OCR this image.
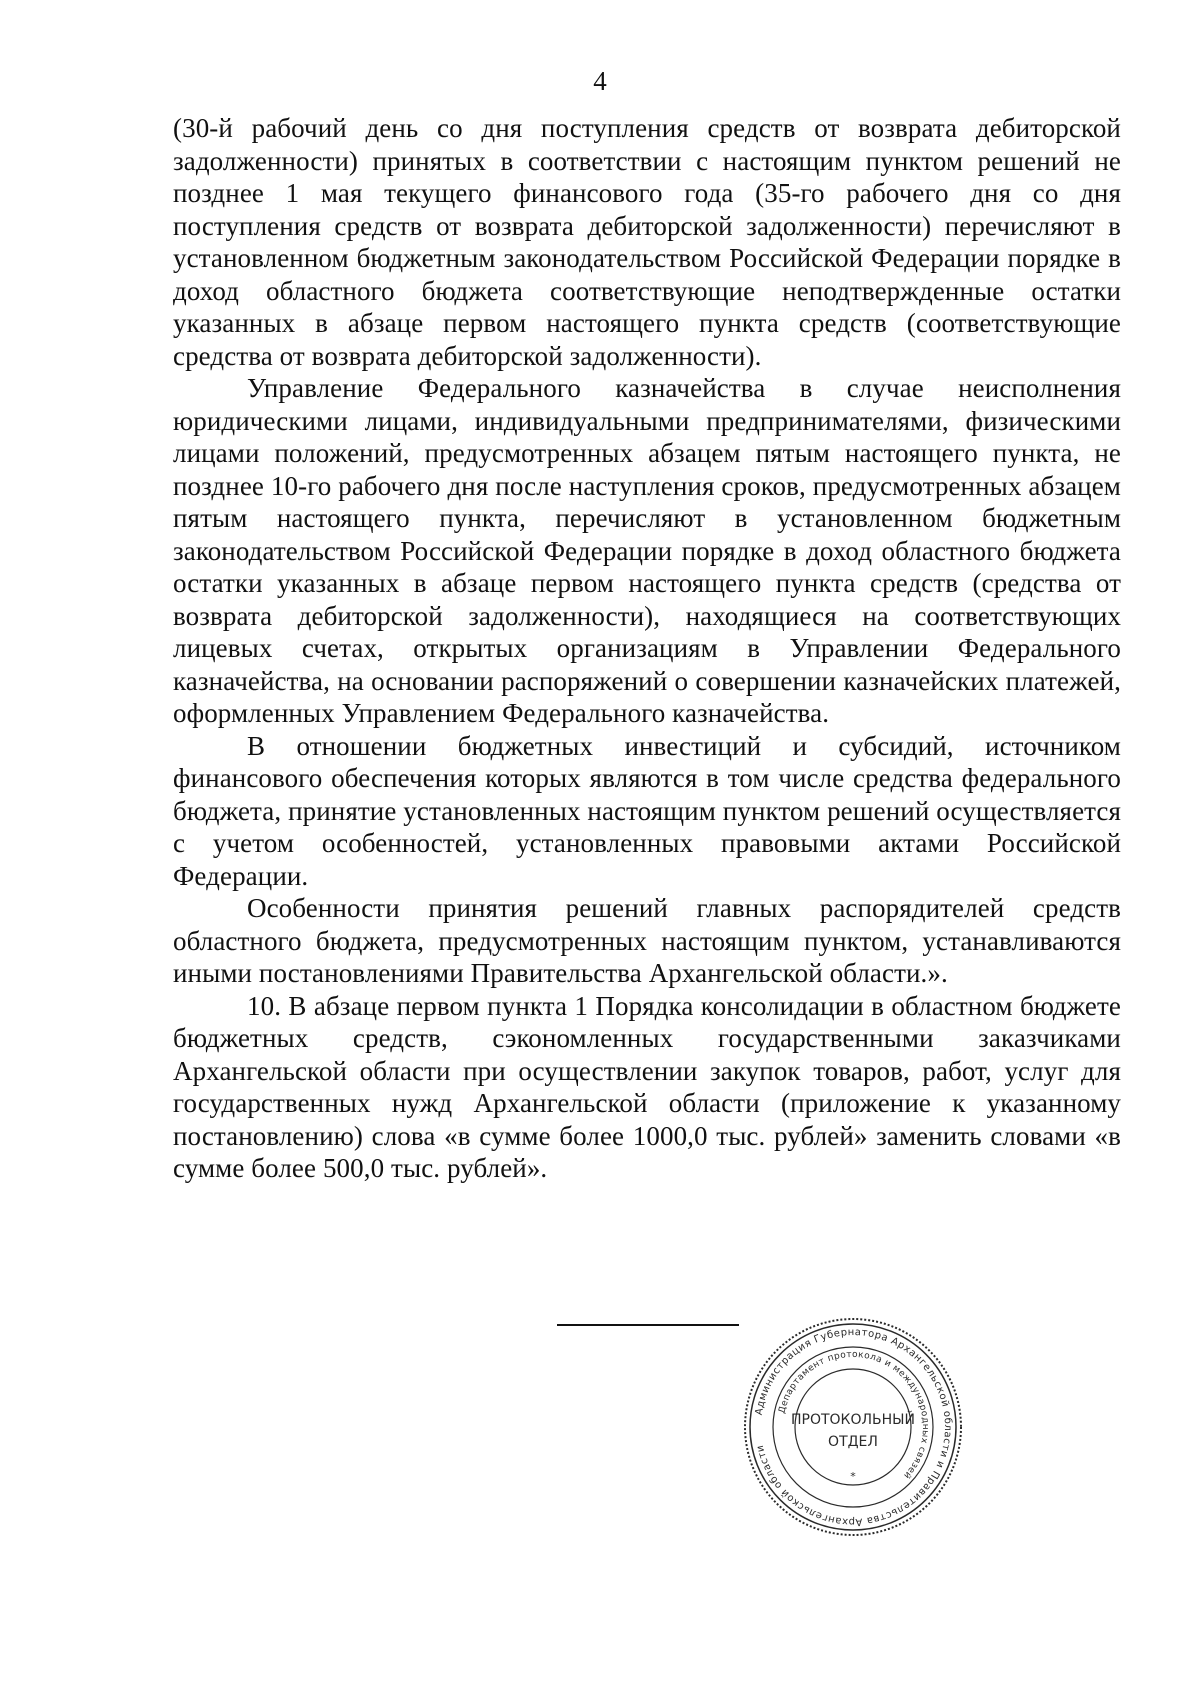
4

(30-й рабочий день со дня поступления средств от возврата дебиторской задолженности) принятых в соответствии с настоящим пунктом решений не позднее 1 мая текущего финансового года (35-го рабочего дня со дня поступления средств от возврата дебиторской задолженности) перечисляют в установленном бюджетным законодательством Российской Федерации порядке в доход областного бюджета соответствующие неподтвержденные остатки указанных в абзаце первом настоящего пункта средств (соответствующие средства от возврата дебиторской задолженности).

Управление Федерального казначейства в случае неисполнения юридическими лицами, индивидуальными предпринимателями, физическими лицами положений, предусмотренных абзацем пятым настоящего пункта, не позднее 10-го рабочего дня после наступления сроков, предусмотренных абзацем пятым настоящего пункта, перечисляют в установленном бюджетным законодательством Российской Федерации порядке в доход областного бюджета остатки указанных в абзаце первом настоящего пункта средств (средства от возврата дебиторской задолженности), находящиеся на соответствующих лицевых счетах, открытых организациям в Управлении Федерального казначейства, на основании распоряжений о совершении казначейских платежей, оформленных Управлением Федерального казначейства.

В отношении бюджетных инвестиций и субсидий, источником финансового обеспечения которых являются в том числе средства федерального бюджета, принятие установленных настоящим пунктом решений осуществляется с учетом особенностей, установленных правовыми актами Российской Федерации.

Особенности принятия решений главных распорядителей средств областного бюджета, предусмотренных настоящим пунктом, устанавливаются иными постановлениями Правительства Архангельской области.».

10. В абзаце первом пункта 1 Порядка консолидации в областном бюджете бюджетных средств, сэкономленных государственными заказчиками Архангельской области при осуществлении закупок товаров, работ, услуг для государственных нужд Архангельской области (приложение к указанному постановлению) слова «в сумме более 1000,0 тыс. рублей» заменить словами «в сумме более 500,0 тыс. рублей».

Администрация Губернатора Архангельской области и Правительства Архангельской области
Департамент протокола и международных связей
ПРОТОКОЛЬНЫЙ
ОТДЕЛ
*
